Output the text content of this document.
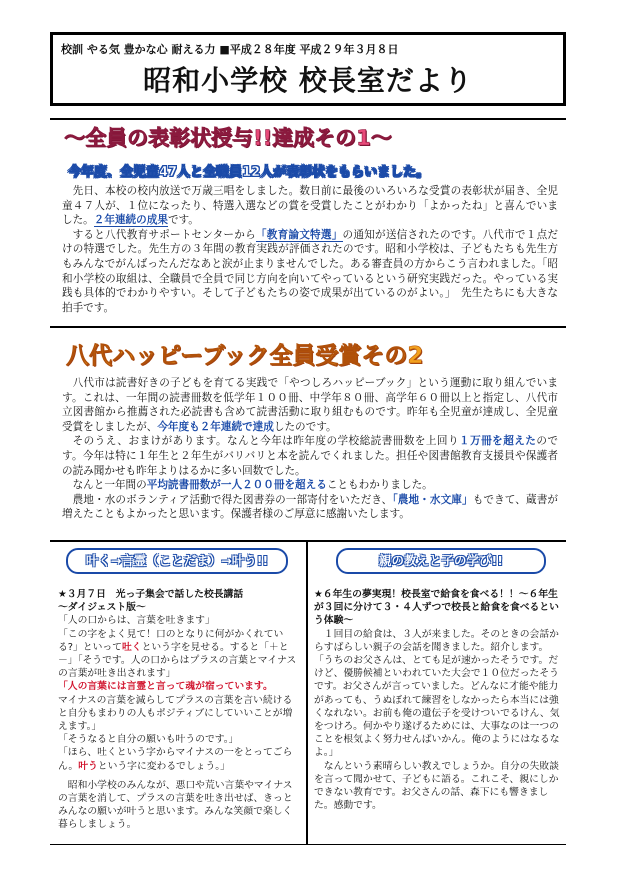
校訓 やる気 豊かな心 耐える力 ■平成２８年度 平成２９年３月８日
昭和小学校 校長室だより
〜全員の表彰状授与!!達成その1〜
今年度、全児童47人と全職員12人が表彰状をもらいました。

先日、本校の校内放送で万歳三唱をしました。数日前に最後のいろいろな受賞の表彰状が届き、全児童４７人が、１位になったり、特選入選などの賞を受賞したことがわかり「よかったね」と喜んでいました。２年連続の成果です。

すると八代教育サポートセンターから「教育論文特選」の通知が送信されたのです。八代市で１点だけの特選でした。先生方の３年間の教育実践が評価されたのです。昭和小学校は、子どもたちも先生方もみんなでがんばったんだなあと涙が止まりませんでした。ある審査員の方からこう言われました。「昭和小学校の取組は、全職員で全員で同じ方向を向いてやっているという研究実践だった。やっている実践も具体的でわかりやすい。そして子どもたちの姿で成果が出ているのがよい。」　先生たちにも大きな拍手です。

八代ハッピーブック全員受賞その2

八代市は読書好きの子どもを育てる実践で「やつしろハッピーブック」という運動に取り組んでいます。これは、一年間の読書冊数を低学年１００冊、中学年８０冊、高学年６０冊以上と指定し、八代市立図書館から推薦された必読書も含めて読書活動に取り組むものです。昨年も全児童が達成し、全児童受賞をしましたが、今年度も２年連続で達成したのです。

そのうえ、おまけがあります。なんと今年は昨年度の学校総読書冊数を上回り１万冊を超えたのです。今年は特に１年生と２年生がバリバリと本を読んでくれました。担任や図書館教育支援員や保護者の読み聞かせも昨年よりはるかに多い回数でした。

なんと一年間の平均読書冊数が一人２００冊を超えることもわかりました。

農地・水のボランティア活動で得た図書券の一部寄付をいただき、「農地・水文庫」もできて、蔵書が増えたこともよかったと思います。保護者様のご厚意に感謝いたします。

叶く→言霊（ことだま）→叶う!!

★３月７日　光っ子集会で話した校長講話

〜ダイジェスト版〜

「人の口からは、言葉を吐きます」

「この字をよく見て！口のとなりに何がかくれている?」といって吐くという字を見せる。すると「＋と－」「そうです。人の口からはプラスの言葉とマイナスの言葉が吐き出されます」

「人の言葉には言霊と言って魂が宿っています。

マイナスの言葉を減らしてプラスの言葉を言い続けると自分もまわりの人もポジティブにしていいことが増えます。」

「そうなると自分の願いも叶うのです。」

「ほら、吐くという字からマイナスの一をとってごらん。叶うという字に変わるでしょう。」

昭和小学校のみんなが、悪口や荒い言葉やマイナスの言葉を消して、プラスの言葉を吐き出せば、きっとみんなの願いが叶うと思います。みんな笑顔で楽しく暮らしましょう。

親の教えと子の学び!!

★６年生の夢実現！校長室で給食を食べる！！〜６年生が３回に分けて３・４人ずつで校長と給食を食べるという体験〜

１回目の給食は、３人が来ました。そのときの会話からすばらしい親子の会話を聞きました。紹介します。

「うちのお父さんは、とても足が速かったそうです。だけど、優勝候補といわれていた大会で１０位だったそうです。お父さんが言っていました。どんなに才能や能力があっても、うぬぼれて練習をしなかったら本当には強くなれない。お前も俺の遺伝子を受けついでるけん、気をつけろ。何かやり遂げるためには、大事なのは一つのことを根気よく努力せんばいかん。俺のようにはなるなよ。」

なんという素晴らしい教えでしょうか。自分の失敗談を言って聞かせて、子どもに語る。これこそ、親にしかできない教育です。お父さんの話、森下にも響きました。感動です。
